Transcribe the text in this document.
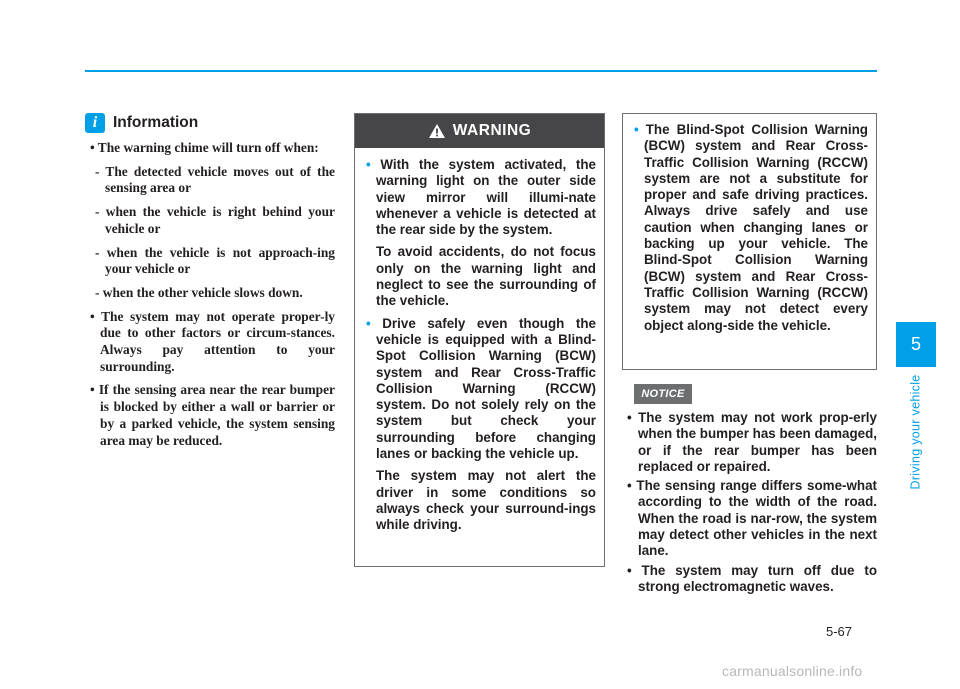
i	Information

• The warning chime will turn off when:

- The detected vehicle moves out of the sensing area or

- when the vehicle is right behind your vehicle or

- when the vehicle is not approach-ing your vehicle or

- when the other vehicle slows down.

• The system may not operate proper-ly due to other factors or circum-stances. Always pay attention to your surrounding.

• If the sensing area near the rear bumper is blocked by either a wall or barrier or by a parked vehicle, the system sensing area may be reduced.

WARNING

• With the system activated, the warning light on the outer side view mirror will illumi-nate whenever a vehicle is detected at the rear side by the system.

To avoid accidents, do not focus only on the warning light and neglect to see the surrounding of the vehicle.

• Drive safely even though the vehicle is equipped with a Blind-Spot Collision Warning (BCW) system and Rear Cross-Traffic Collision Warning (RCCW) system. Do not solely rely on the system but check your surrounding before changing lanes or backing the vehicle up.

The system may not alert the driver in some conditions so always check your surround-ings while driving.

• The Blind-Spot Collision Warning (BCW) system and Rear Cross-Traffic Collision Warning (RCCW) system are not a substitute for proper and safe driving practices. Always drive safely and use caution when changing lanes or backing up your vehicle. The Blind-Spot Collision Warning (BCW) system and Rear Cross-Traffic Collision Warning (RCCW) system may not detect every object along-side the vehicle.

NOTICE

• The system may not work prop-erly when the bumper has been damaged, or if the rear bumper has been replaced or repaired.

• The sensing range differs some-what according to the width of the road. When the road is nar-row, the system may detect other vehicles in the next lane.

• The system may turn off due to strong electromagnetic waves.

5
Driving your vehicle
5-67
carmanualsonline.info
